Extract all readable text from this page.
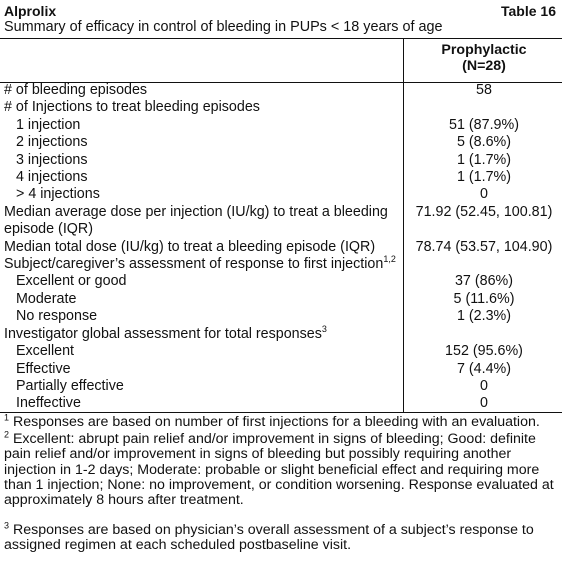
Alprolix	Table 16
Summary of efficacy in control of bleeding in PUPs < 18 years of age

	Prophylactic
(N=28)

# of bleeding episodes	58
# of Injections to treat bleeding episodes	
1 injection	51 (87.9%)
2 injections	5 (8.6%)
3 injections	1 (1.7%)
4 injections	1 (1.7%)
> 4 injections	0
Median average dose per injection (IU/kg) to treat a bleeding episode (IQR)	71.92 (52.45, 100.81)
Median total dose (IU/kg) to treat a bleeding episode (IQR)	78.74 (53.57, 104.90)
Subject/caregiver’s assessment of response to first injection$^{1,2}$	
Excellent or good	37 (86%)
Moderate	5 (11.6%)
No response	1 (2.3%)
Investigator global assessment for total responses$^3$	
Excellent	152 (95.6%)
Effective	7 (4.4%)
Partially effective	0
Ineffective	0
$^1$ Responses are based on number of first injections for a bleeding with an evaluation.
$^2$ Excellent: abrupt pain relief and/or improvement in signs of bleeding; Good: definite pain relief and/or improvement in signs of bleeding but possibly requiring another injection in 1-2 days; Moderate: probable or slight beneficial effect and requiring more than 1 injection; None: no improvement, or condition worsening. Response evaluated at approximately 8 hours after treatment.
$^3$ Responses are based on physician’s overall assessment of a subject’s response to assigned regimen at each scheduled postbaseline visit.
